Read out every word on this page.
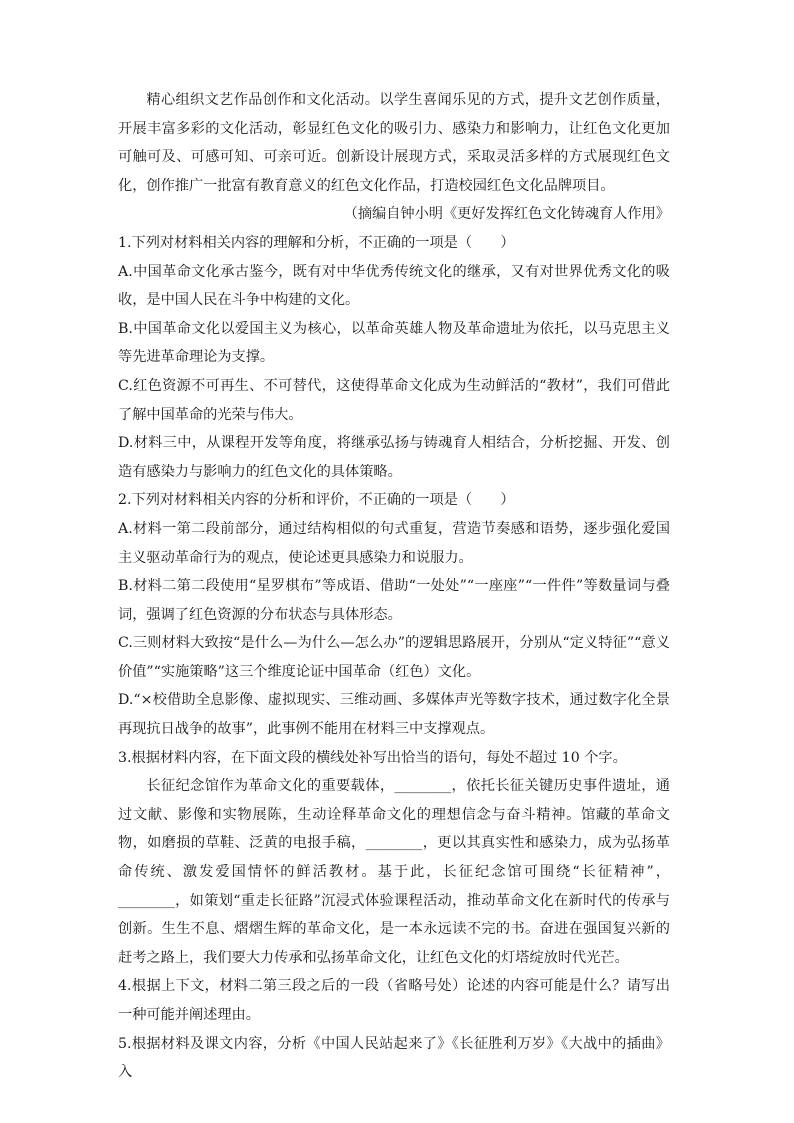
精心组织文艺作品创作和文化活动。以学生喜闻乐见的方式，提升文艺创作质量，开展丰富多彩的文化活动，彰显红色文化的吸引力、感染力和影响力，让红色文化更加可触可及、可感可知、可亲可近。创新设计展现方式，采取灵活多样的方式展现红色文化，创作推广一批富有教育意义的红色文化作品，打造校园红色文化品牌项目。

（摘编自钟小明《更好发挥红色文化铸魂育人作用》

1.下列对材料相关内容的理解和分析，不正确的一项是（　　）

A.中国革命文化承古鉴今，既有对中华优秀传统文化的继承，又有对世界优秀文化的吸收，是中国人民在斗争中构建的文化。

B.中国革命文化以爱国主义为核心，以革命英雄人物及革命遗址为依托，以马克思主义等先进革命理论为支撑。

C.红色资源不可再生、不可替代，这使得革命文化成为生动鲜活的“教材”，我们可借此了解中国革命的光荣与伟大。

D.材料三中，从课程开发等角度，将继承弘扬与铸魂育人相结合，分析挖掘、开发、创造有感染力与影响力的红色文化的具体策略。

2.下列对材料相关内容的分析和评价，不正确的一项是（　　）

A.材料一第二段前部分，通过结构相似的句式重复，营造节奏感和语势，逐步强化爱国主义驱动革命行为的观点，使论述更具感染力和说服力。

B.材料二第二段使用“星罗棋布”等成语、借助“一处处”“一座座”“一件件”等数量词与叠词，强调了红色资源的分布状态与具体形态。

C.三则材料大致按“是什么—为什么—怎么办”的逻辑思路展开，分别从“定义特征”“意义价值”“实施策略”这三个维度论证中国革命（红色）文化。

D.“×校借助全息影像、虚拟现实、三维动画、多媒体声光等数字技术，通过数字化全景再现抗日战争的故事”，此事例不能用在材料三中支撑观点。

3.根据材料内容，在下面文段的横线处补写出恰当的语句，每处不超过 10 个字。

长征纪念馆作为革命文化的重要载体，________，依托长征关键历史事件遗址，通过文献、影像和实物展陈，生动诠释革命文化的理想信念与奋斗精神。馆藏的革命文物，如磨损的草鞋、泛黄的电报手稿，________，更以其真实性和感染力，成为弘扬革命传统、激发爱国情怀的鲜活教材。基于此，长征纪念馆可围绕“长征精神”，________，如策划“重走长征路”沉浸式体验课程活动，推动革命文化在新时代的传承与创新。生生不息、熠熠生辉的革命文化，是一本永远读不完的书。奋进在强国复兴新的赶考之路上，我们要大力传承和弘扬革命文化，让红色文化的灯塔绽放时代光芒。

4.根据上下文，材料二第三段之后的一段（省略号处）论述的内容可能是什么？请写出一种可能并阐述理由。

5.根据材料及课文内容，分析《中国人民站起来了》《长征胜利万岁》《大战中的插曲》入
